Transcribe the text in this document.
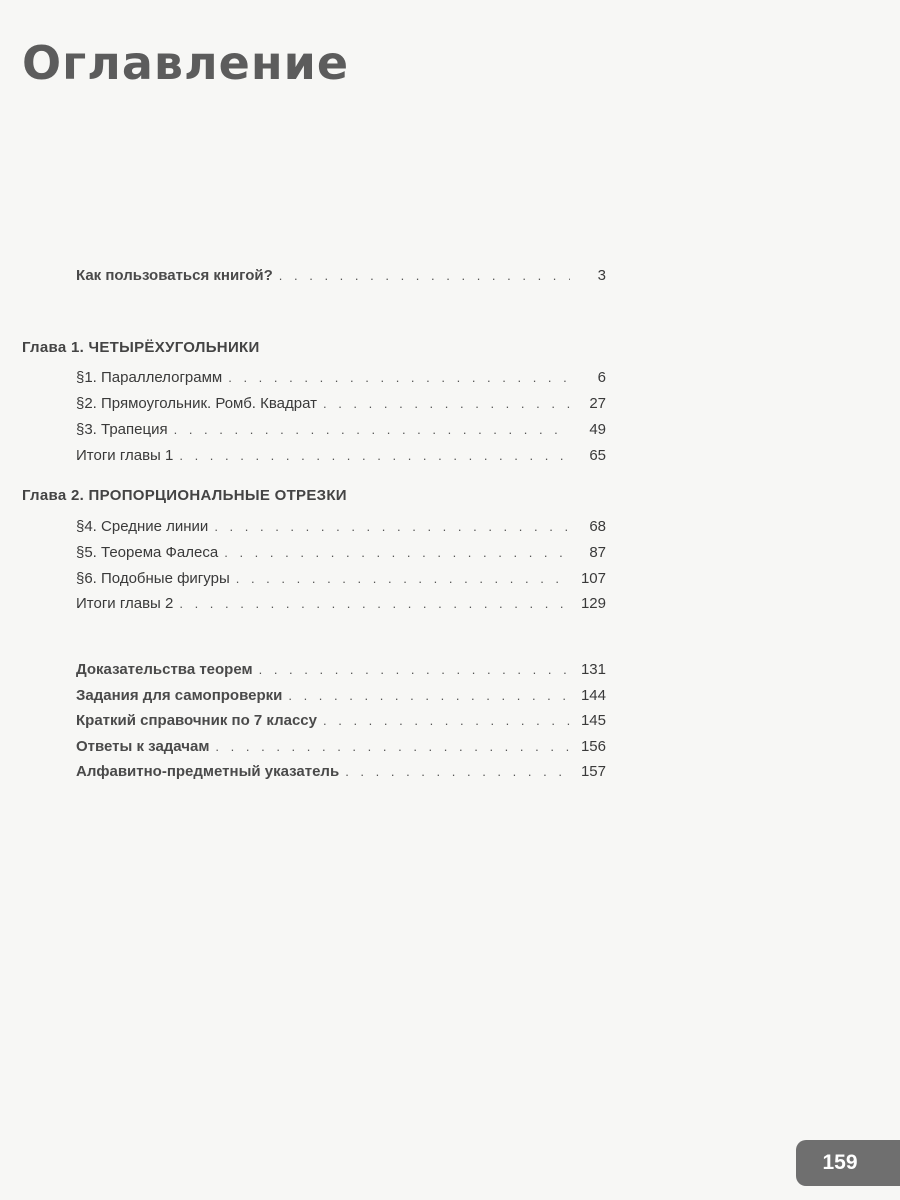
Оглавление
Как пользоваться книгой? . . .	3
Глава 1. ЧЕТЫРЁХУГОЛЬНИКИ
§1. Параллелограмм . . .	6
§2. Прямоугольник. Ромб. Квадрат . . .	27
§3. Трапеция . . .	49
Итоги главы 1 . . .	65
Глава 2. ПРОПОРЦИОНАЛЬНЫЕ ОТРЕЗКИ
§4. Средние линии . . .	68
§5. Теорема Фалеса . . .	87
§6. Подобные фигуры . . .	107
Итоги главы 2 . . .	129
Доказательства теорем . . .	131
Задания для самопроверки . . .	144
Краткий справочник по 7 классу . . .	145
Ответы к задачам . . .	156
Алфавитно-предметный указатель . . .	157
159
